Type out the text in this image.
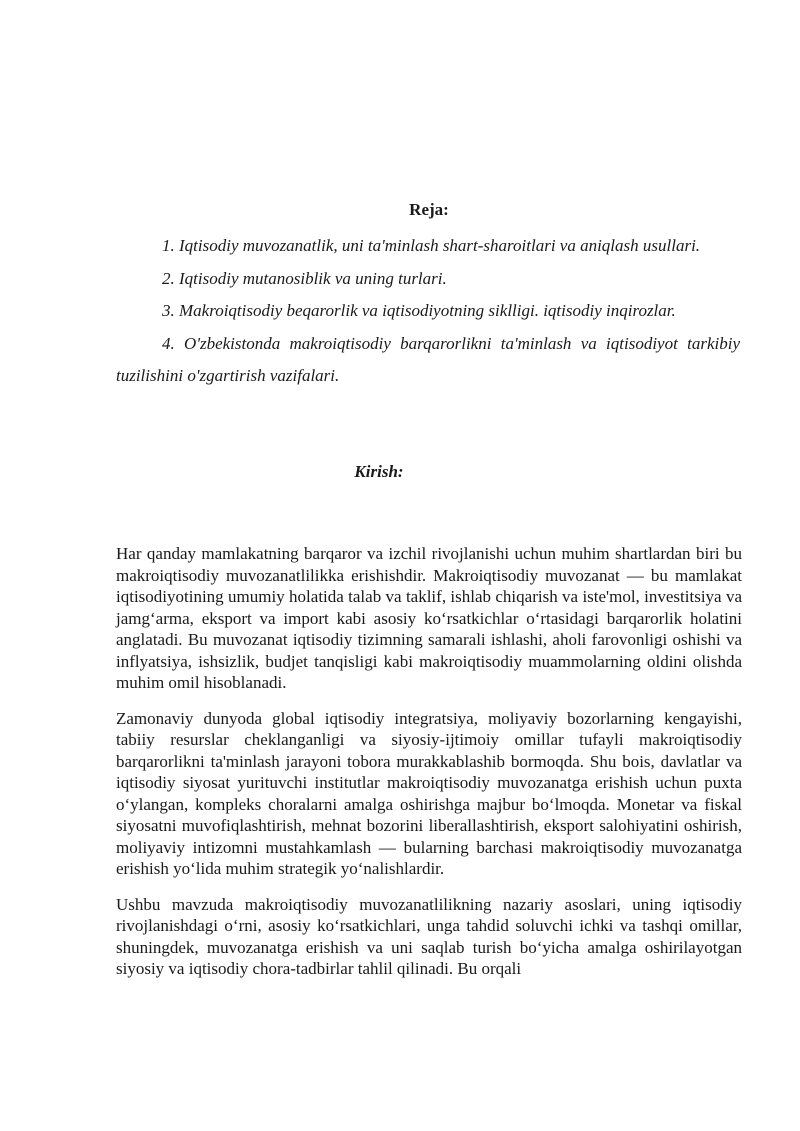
Reja:

1. Iqtisodiy muvozanatlik, uni ta'minlash shart-sharoitlari va aniqlash usullari.

2. Iqtisodiy mutanosiblik va uning turlari.

3. Makroiqtisodiy beqarorlik va iqtisodiyotning siklligi. iqtisodiy inqirozlar.

4. O'zbekistonda makroiqtisodiy barqarorlikni ta'minlash va iqtisodiyot tarkibiy tuzilishini o'zgartirish vazifalari.

Kirish:

Har qanday mamlakatning barqaror va izchil rivojlanishi uchun muhim shartlardan biri bu makroiqtisodiy muvozanatlilikka erishishdir. Makroiqtisodiy muvozanat — bu mamlakat iqtisodiyotining umumiy holatida talab va taklif, ishlab chiqarish va iste'mol, investitsiya va jamg‘arma, eksport va import kabi asosiy ko‘rsatkichlar o‘rtasidagi barqarorlik holatini anglatadi. Bu muvozanat iqtisodiy tizimning samarali ishlashi, aholi farovonligi oshishi va inflyatsiya, ishsizlik, budjet tanqisligi kabi makroiqtisodiy muammolarning oldini olishda muhim omil hisoblanadi.

Zamonaviy dunyoda global iqtisodiy integratsiya, moliyaviy bozorlarning kengayishi, tabiiy resurslar cheklanganligi va siyosiy-ijtimoiy omillar tufayli makroiqtisodiy barqarorlikni ta'minlash jarayoni tobora murakkablashib bormoqda. Shu bois, davlatlar va iqtisodiy siyosat yurituvchi institutlar makroiqtisodiy muvozanatga erishish uchun puxta o‘ylangan, kompleks choralarni amalga oshirishga majbur bo‘lmoqda. Monetar va fiskal siyosatni muvofiqlashtirish, mehnat bozorini liberallashtirish, eksport salohiyatini oshirish, moliyaviy intizomni mustahkamlash — bularning barchasi makroiqtisodiy muvozanatga erishish yo‘lida muhim strategik yo‘nalishlardir.

Ushbu mavzuda makroiqtisodiy muvozanatlilikning nazariy asoslari, uning iqtisodiy rivojlanishdagi o‘rni, asosiy ko‘rsatkichlari, unga tahdid soluvchi ichki va tashqi omillar, shuningdek, muvozanatga erishish va uni saqlab turish bo‘yicha amalga oshirilayotgan siyosiy va iqtisodiy chora-tadbirlar tahlil qilinadi. Bu orqali
